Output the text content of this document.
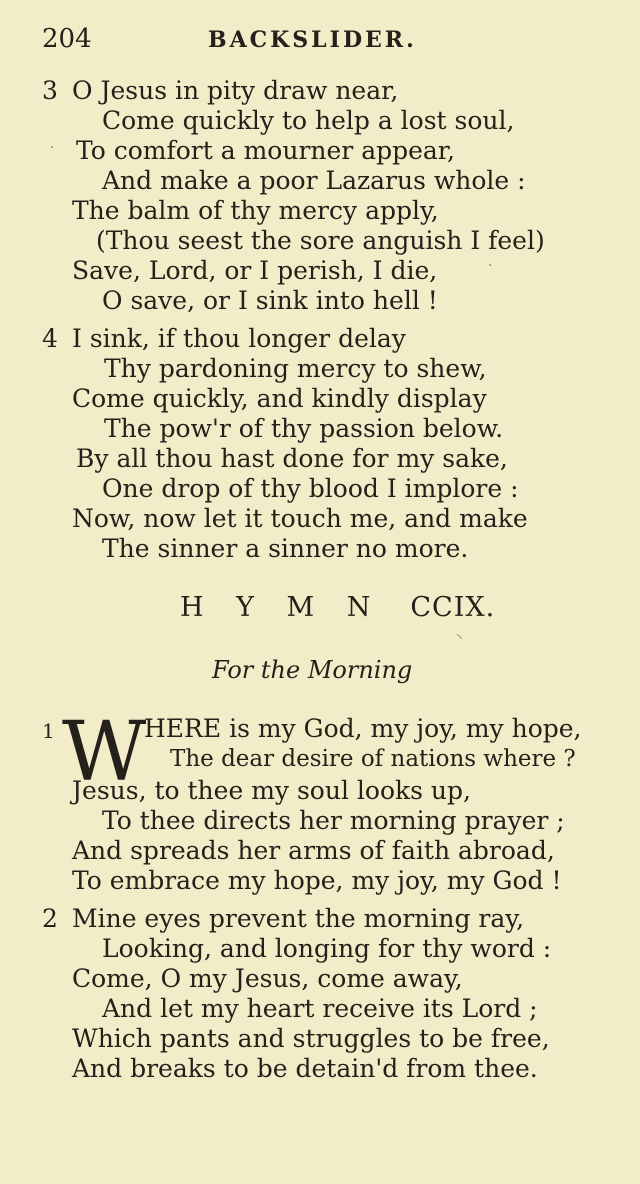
204	BACKSLIDER.
3 O Jesus in pity draw near,
Come quickly to help a lost soul,
To comfort a mourner appear,
And make a poor Lazarus whole :
The balm of thy mercy apply,
(Thou seest the sore anguish I feel)
Save, Lord, or I perish, I die,
O save, or I sink into hell !
4 I sink, if thou longer delay
Thy pardoning mercy to shew,
Come quickly, and kindly display
The pow'r of thy passion below.
By all thou hast done for my sake,
One drop of thy blood I implore :
Now, now let it touch me, and make
The sinner a sinner no more.
H Y M N CCIX.
For the Morning
1 W
HERE is my God, my joy, my hope,
The dear desire of nations where ?
Jesus, to thee my soul looks up,
To thee directs her morning prayer ;
And spreads her arms of faith abroad,
To embrace my hope, my joy, my God !
2 Mine eyes prevent the morning ray,
Looking, and longing for thy word :
Come, O my Jesus, come away,
And let my heart receive its Lord ;
Which pants and struggles to be free,
And breaks to be detain'd from thee.
·
·
⸜
